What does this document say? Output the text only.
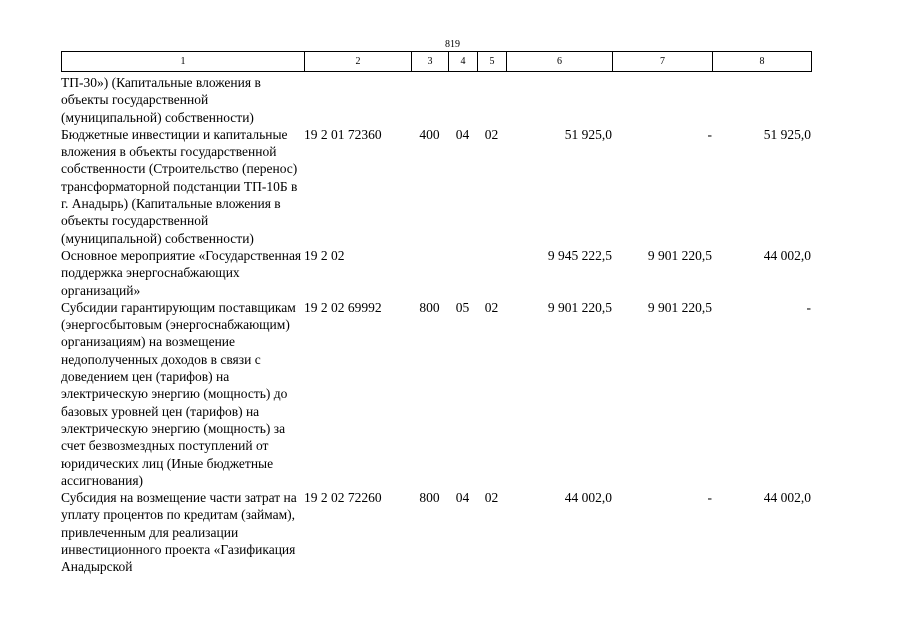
819
1	2	3	4	5	6	7	8
ТП-30») (Капитальные вложения в объекты государственной (муниципальной) собственности)							
Бюджетные инвестиции и капитальные вложения в объекты государственной собственности (Строительство (перенос) трансформаторной подстанции ТП-10Б в г. Анадырь) (Капитальные вложения в объекты государственной (муниципальной) собственности)	19 2 01 72360	400	04	02	51 925,0	-	51 925,0
Основное мероприятие «Государственная поддержка энергоснабжающих организаций»	19 2 02				9 945 222,5	9 901 220,5	44 002,0
Субсидии гарантирующим поставщикам (энергосбытовым (энергоснабжающим) организациям) на возмещение недополученных доходов в связи с доведением цен (тарифов) на электрическую энергию (мощность) до базовых уровней цен (тарифов) на электрическую энергию (мощность) за счет безвозмездных поступлений от юридических лиц (Иные бюджетные ассигнования)	19 2 02 69992	800	05	02	9 901 220,5	9 901 220,5	-
Субсидия на возмещение части затрат на уплату процентов по кредитам (займам), привлеченным для реализации инвестиционного проекта «Газификация Анадырской	19 2 02 72260	800	04	02	44 002,0	-	44 002,0
